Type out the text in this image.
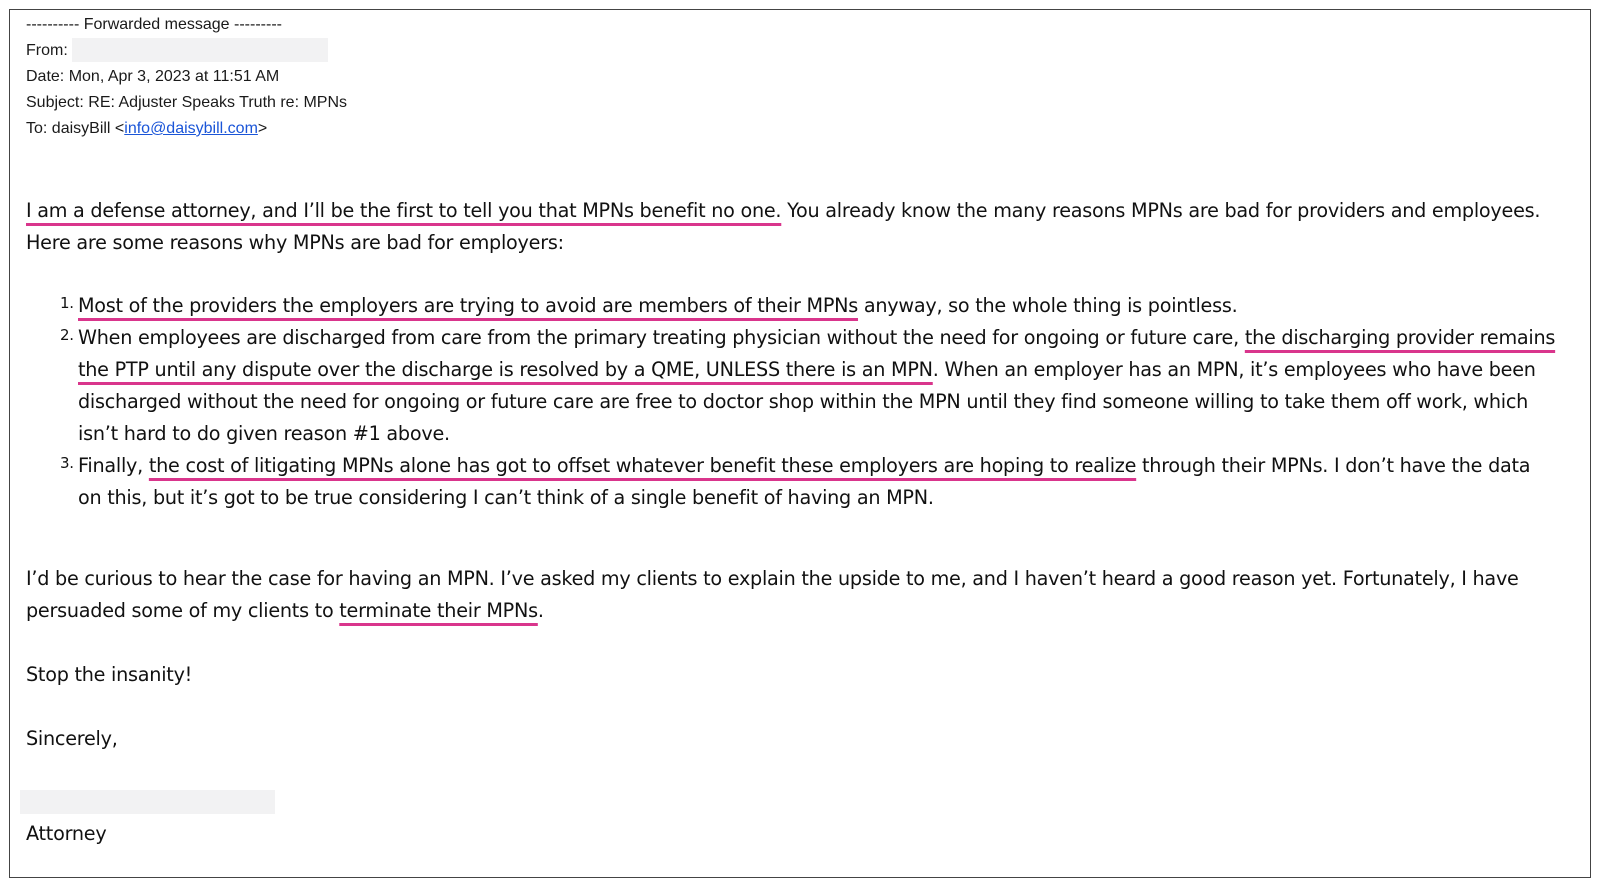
---------- Forwarded message ---------
From:
Date: Mon, Apr 3, 2023 at 11:51 AM
Subject: RE: Adjuster Speaks Truth re: MPNs
To: daisyBill <info@daisybill.com>
I am a defense attorney, and I’ll be the first to tell you that MPNs benefit no one. You already know the many reasons MPNs are bad for providers and employees.
Here are some reasons why MPNs are bad for employers:
1. Most of the providers the employers are trying to avoid are members of their MPNs anyway, so the whole thing is pointless.
2. When employees are discharged from care from the primary treating physician without the need for ongoing or future care, the discharging provider remains
the PTP until any dispute over the discharge is resolved by a QME, UNLESS there is an MPN. When an employer has an MPN, it’s employees who have been
discharged without the need for ongoing or future care are free to doctor shop within the MPN until they find someone willing to take them off work, which
isn’t hard to do given reason #1 above.
3. Finally, the cost of litigating MPNs alone has got to offset whatever benefit these employers are hoping to realize through their MPNs. I don’t have the data
on this, but it’s got to be true considering I can’t think of a single benefit of having an MPN.
I’d be curious to hear the case for having an MPN. I’ve asked my clients to explain the upside to me, and I haven’t heard a good reason yet. Fortunately, I have
persuaded some of my clients to terminate their MPNs.
Stop the insanity!
Sincerely,
Attorney
